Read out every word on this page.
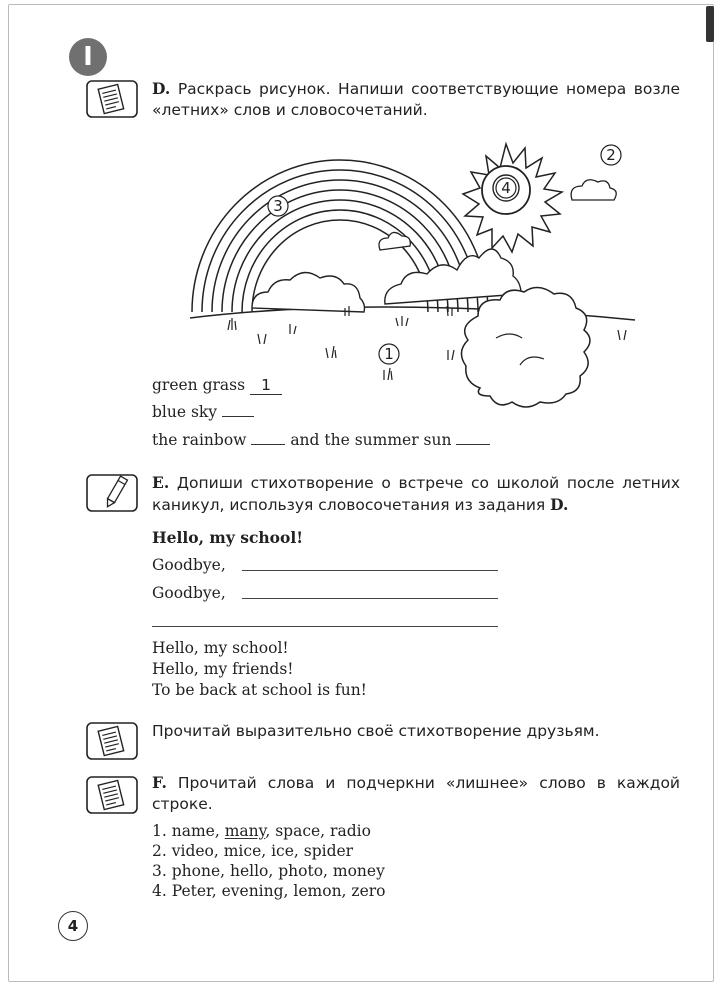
I
D. Раскрась рисунок. Напиши соответствующие номера возле «летних» слов и словосочетаний.
1
2
3
4
green grass 1
blue sky
the rainbow	and the summer sun
E. Допиши стихотворение о встрече со школой после летних каникул, используя словосочетания из задания D.
Hello, my school!
Goodbye,
Goodbye,
Hello, my school!
Hello, my friends!
To be back at school is fun!
Прочитай выразительно своё стихотворение друзьям.
F. Прочитай слова и подчеркни «лишнее» слово в каждой строке.
1. name, many, space, radio
2. video, mice, ice, spider
3. phone, hello, photo, money
4. Peter, evening, lemon, zero
4
